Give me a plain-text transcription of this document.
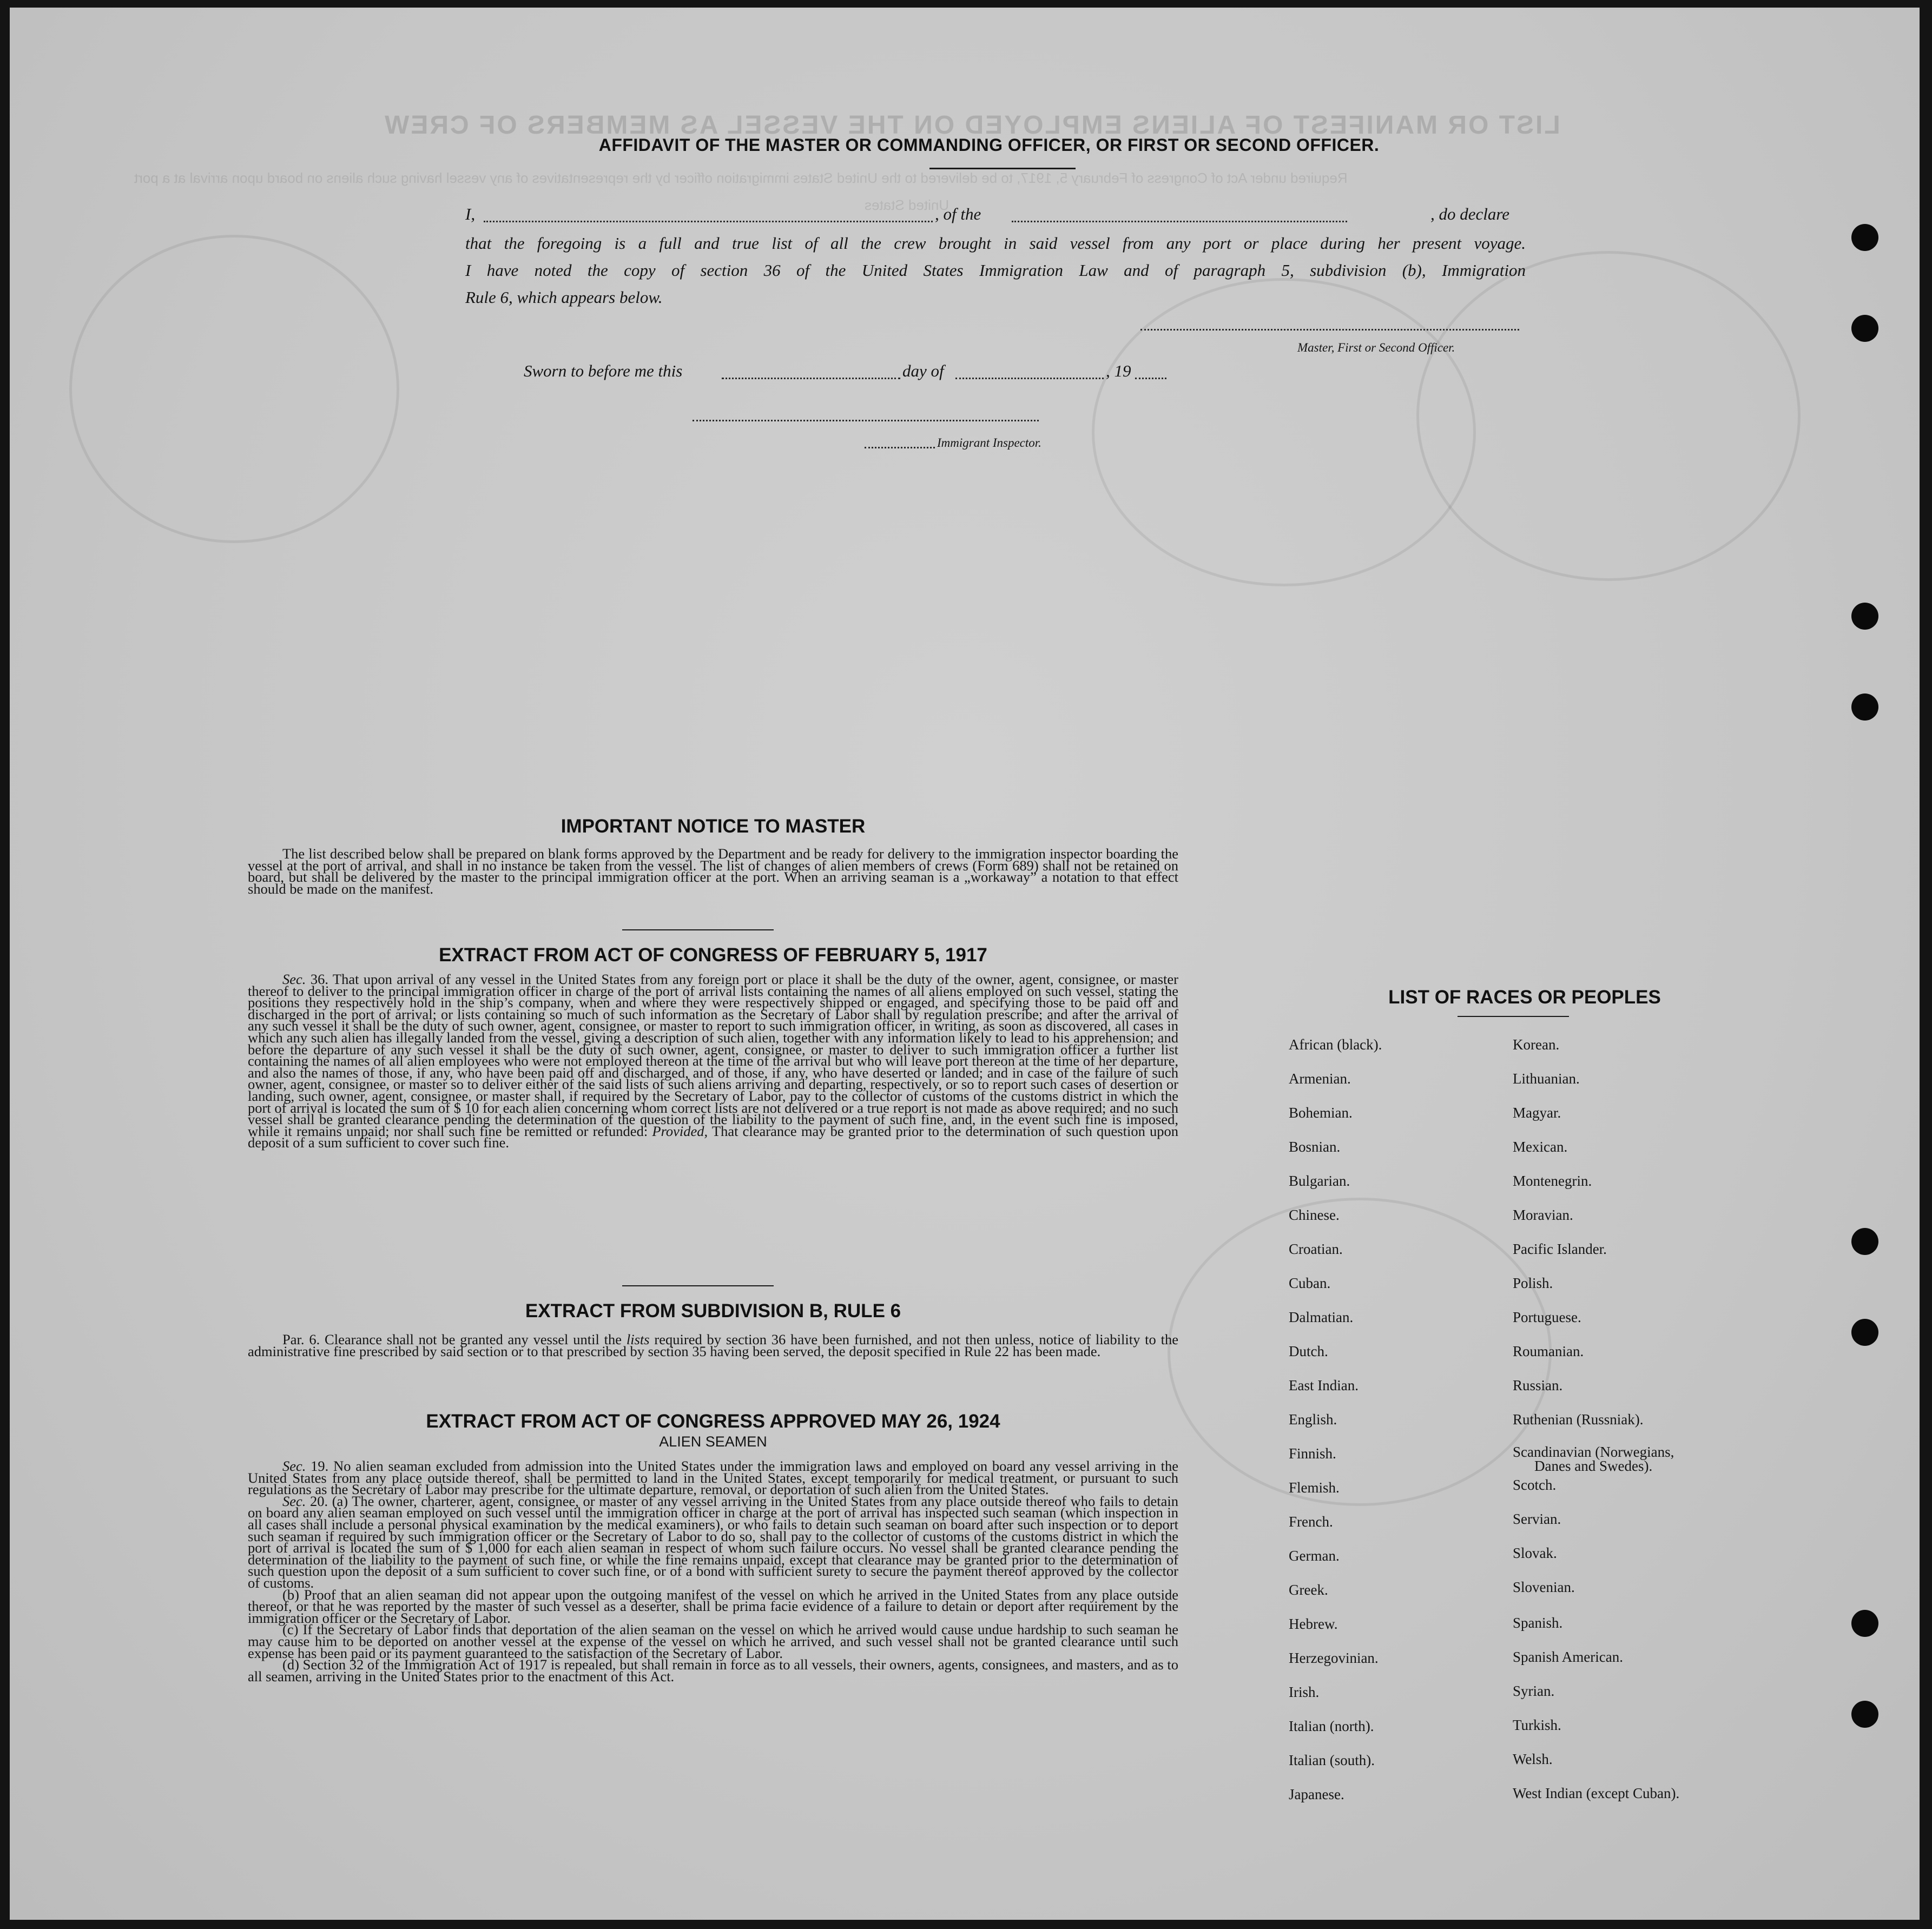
LIST OR MANIFEST OF ALIENS EMPLOYED ON THE VESSEL AS MEMBERS OF CREW
Required under Act of Congress of February 5, 1917, to be delivered to the United States immigration officer by the representatives of any vessel having such aliens on board upon arrival at a port
United States
AFFIDAVIT OF THE MASTER OR COMMANDING OFFICER, OR FIRST OR SECOND OFFICER.
I,	, of the	, do declare
that the foregoing is a full and true list of all the crew brought in said vessel from any port or place during her present voyage.
I have noted the copy of section 36 of the United States Immigration Law and of paragraph 5, subdivision (b), Immigration
Rule 6, which appears below.
Master, First or Second Officer.
Sworn to before me this	day of	, 19
Immigrant Inspector.
IMPORTANT NOTICE TO MASTER

The list described below shall be prepared on blank forms approved by the Department and be ready for delivery to the immigration inspector boarding the vessel at the port of arrival, and shall in no instance be taken from the vessel. The list of changes of alien members of crews (Form 689) shall not be retained on board, but shall be delivered by the master to the principal immigration officer at the port. When an arriving seaman is a „workaway” a notation to that effect should be made on the manifest.

EXTRACT FROM ACT OF CONGRESS OF FEBRUARY 5, 1917

Sec. 36. That upon arrival of any vessel in the United States from any foreign port or place it shall be the duty of the owner, agent, consignee, or master thereof to deliver to the principal immigration officer in charge of the port of arrival lists containing the names of all aliens employed on such vessel, stating the positions they respectively hold in the ship’s company, when and where they were respectively shipped or engaged, and specifying those to be paid off and discharged in the port of arrival; or lists containing so much of such information as the Secretary of Labor shall by regulation prescribe; and after the arrival of any such vessel it shall be the duty of such owner, agent, consignee, or master to report to such immigration officer, in writing, as soon as discovered, all cases in which any such alien has illegally landed from the vessel, giving a description of such alien, together with any information likely to lead to his apprehension; and before the departure of any such vessel it shall be the duty of such owner, agent, consignee, or master to deliver to such immigration officer a further list containing the names of all alien employees who were not employed thereon at the time of the arrival but who will leave port thereon at the time of her departure, and also the names of those, if any, who have been paid off and discharged, and of those, if any, who have deserted or landed; and in case of the failure of such owner, agent, consignee, or master so to deliver either of the said lists of such aliens arriving and departing, respectively, or so to report such cases of desertion or landing, such owner, agent, consignee, or master shall, if required by the Secretary of Labor, pay to the collector of customs of the customs district in which the port of arrival is located the sum of $ 10 for each alien concerning whom correct lists are not delivered or a true report is not made as above required; and no such vessel shall be granted clearance pending the determination of the question of the liability to the payment of such fine, and, in the event such fine is imposed, while it remains unpaid; nor shall such fine be remitted or refunded: Provided, That clearance may be granted prior to the determination of such question upon deposit of a sum sufficient to cover such fine.

EXTRACT FROM SUBDIVISION B, RULE 6

Par. 6. Clearance shall not be granted any vessel until the lists required by section 36 have been furnished, and not then unless, notice of liability to the administrative fine prescribed by said section or to that prescribed by section 35 having been served, the deposit specified in Rule 22 has been made.

EXTRACT FROM ACT OF CONGRESS APPROVED MAY 26, 1924
ALIEN SEAMEN

Sec. 19. No alien seaman excluded from admission into the United States under the immigration laws and employed on board any vessel arriving in the United States from any place outside thereof, shall be permitted to land in the United States, except temporarily for medical treatment, or pursuant to such regulations as the Secretary of Labor may prescribe for the ultimate departure, removal, or deportation of such alien from the United States.

Sec. 20. (a) The owner, charterer, agent, consignee, or master of any vessel arriving in the United States from any place outside thereof who fails to detain on board any alien seaman employed on such vessel until the immigration officer in charge at the port of arrival has inspected such seaman (which inspection in all cases shall include a personal physical examination by the medical examiners), or who fails to detain such seaman on board after such inspection or to deport such seaman if required by such immigration officer or the Secretary of Labor to do so, shall pay to the collector of customs of the customs district in which the port of arrival is located the sum of $ 1,000 for each alien seaman in respect of whom such failure occurs. No vessel shall be granted clearance pending the determination of the liability to the payment of such fine, or while the fine remains unpaid, except that clearance may be granted prior to the determination of such question upon the deposit of a sum sufficient to cover such fine, or of a bond with sufficient surety to secure the payment thereof approved by the collector of customs.

(b) Proof that an alien seaman did not appear upon the outgoing manifest of the vessel on which he arrived in the United States from any place outside thereof, or that he was reported by the master of such vessel as a deserter, shall be prima facie evidence of a failure to detain or deport after requirement by the immigration officer or the Secretary of Labor.

(c) If the Secretary of Labor finds that deportation of the alien seaman on the vessel on which he arrived would cause undue hardship to such seaman he may cause him to be deported on another vessel at the expense of the vessel on which he arrived, and such vessel shall not be granted clearance until such expense has been paid or its payment guaranteed to the satisfaction of the Secretary of Labor.

(d) Section 32 of the Immigration Act of 1917 is repealed, but shall remain in force as to all vessels, their owners, agents, consignees, and masters, and as to all seamen, arriving in the United States prior to the enactment of this Act.

LIST OF RACES OR PEOPLES
African (black).
Armenian.
Bohemian.
Bosnian.
Bulgarian.
Chinese.
Croatian.
Cuban.
Dalmatian.
Dutch.
East Indian.
English.
Finnish.
Flemish.
French.
German.
Greek.
Hebrew.
Herzegovinian.
Irish.
Italian (north).
Italian (south).
Japanese.
Korean.
Lithuanian.
Magyar.
Mexican.
Montenegrin.
Moravian.
Pacific Islander.
Polish.
Portuguese.
Roumanian.
Russian.
Ruthenian (Russniak).
Scandinavian (Norwegians,
Danes and Swedes).
Scotch.
Servian.
Slovak.
Slovenian.
Spanish.
Spanish American.
Syrian.
Turkish.
Welsh.
West Indian (except Cuban).
